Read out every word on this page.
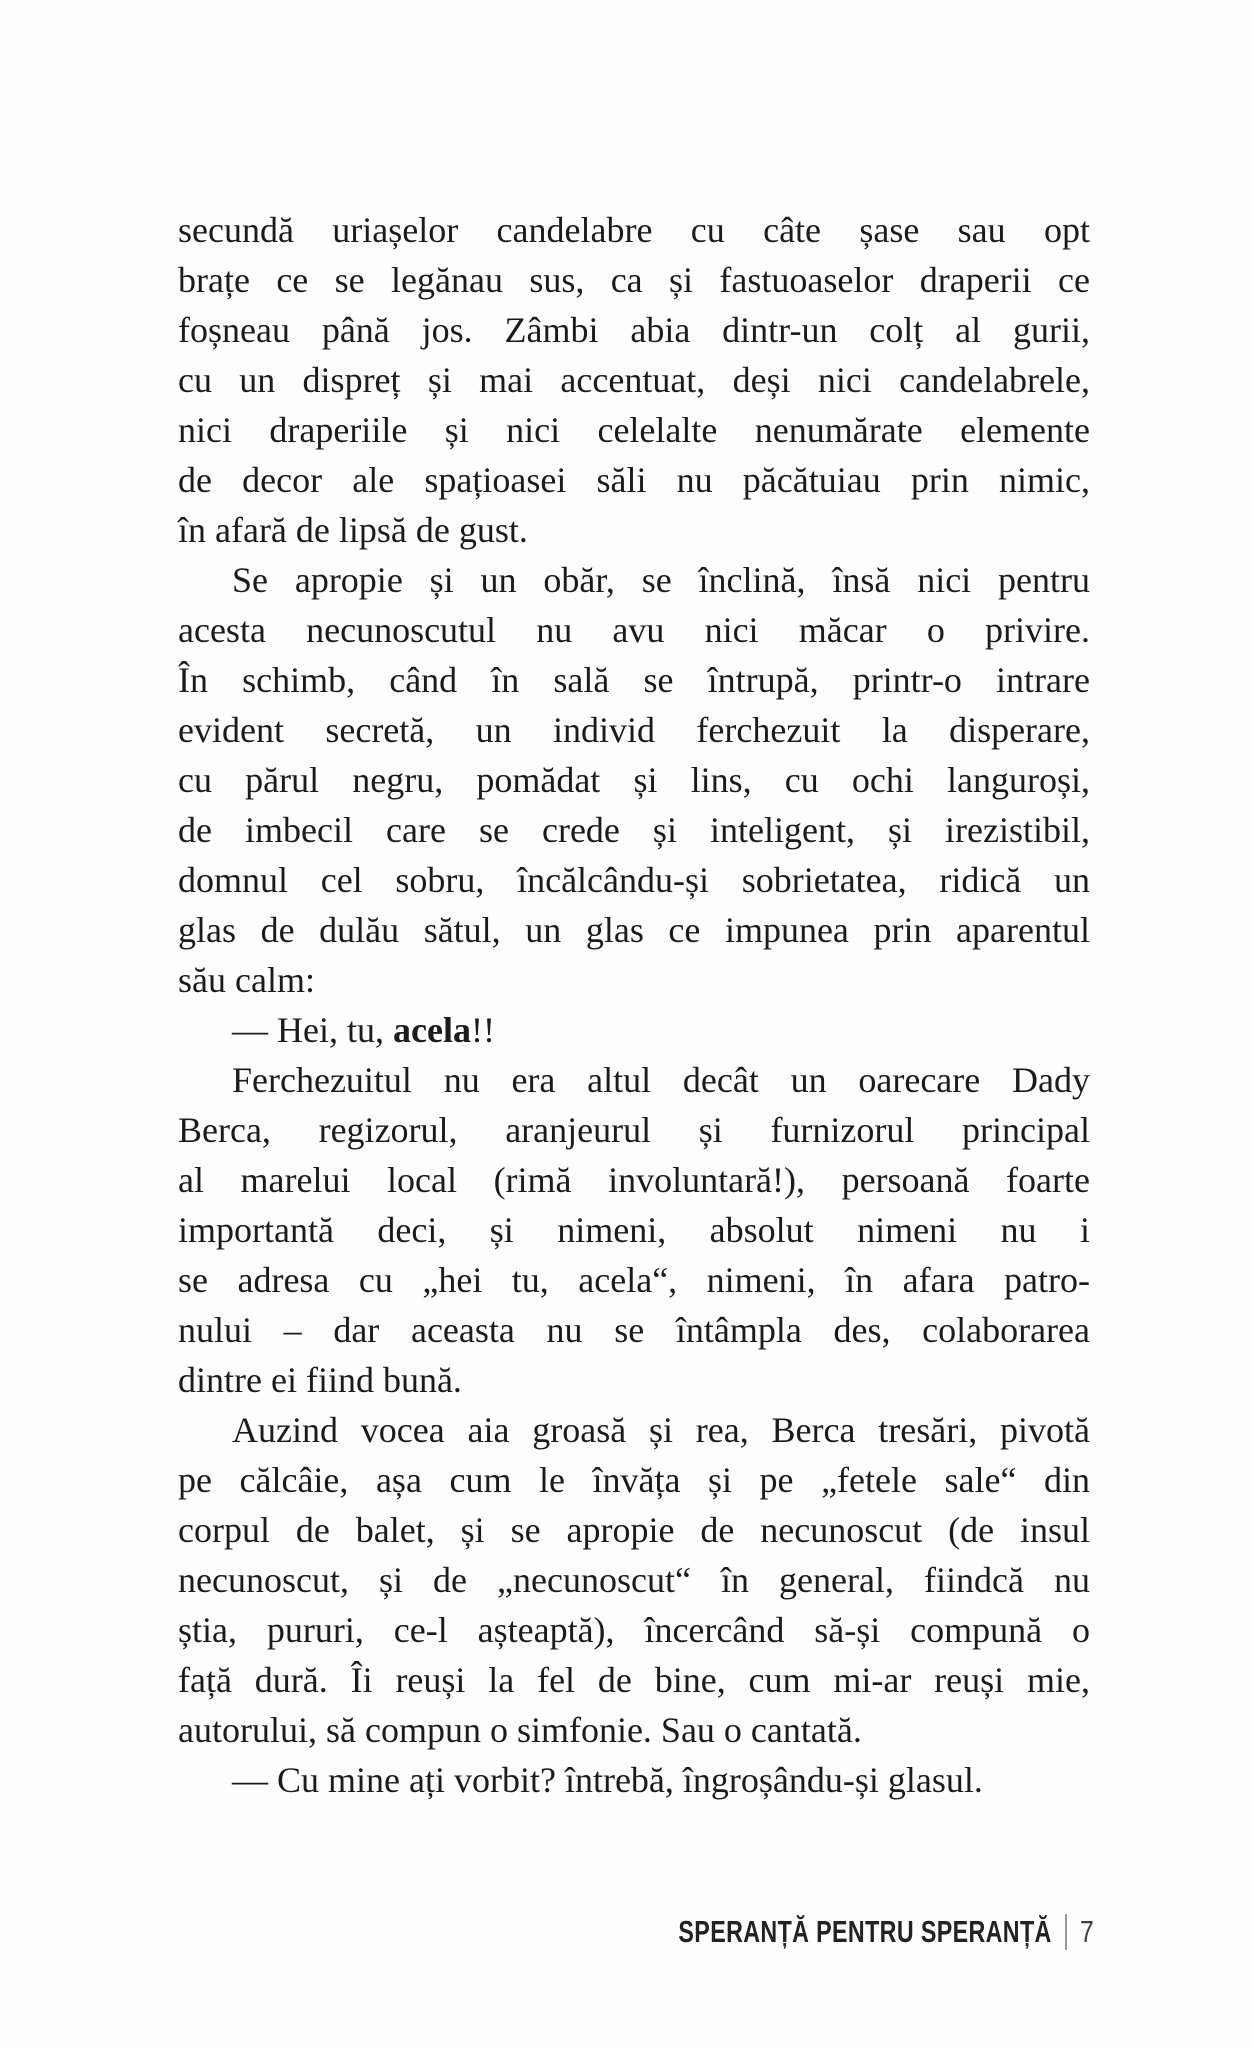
secundă uriașelor candelabre cu câte șase sau opt
brațe ce se legănau sus, ca și fastuoaselor draperii ce
foșneau până jos. Zâmbi abia dintr-un colț al gurii,
cu un dispreț și mai accentuat, deși nici candelabrele,
nici draperiile și nici celelalte nenumărate elemente
de decor ale spațioasei săli nu păcătuiau prin nimic,
în afară de lipsă de gust.
Se apropie și un obăr, se înclină, însă nici pentru
acesta necunoscutul nu avu nici măcar o privire.
În schimb, când în sală se întrupă, printr-o intrare
evident secretă, un individ ferchezuit la disperare,
cu părul negru, pomădat și lins, cu ochi languroși,
de imbecil care se crede și inteligent, și irezistibil,
domnul cel sobru, încălcându-și sobrietatea, ridică un
glas de dulău sătul, un glas ce impunea prin aparentul
său calm:
— Hei, tu, acela!!
Ferchezuitul nu era altul decât un oarecare Dady
Berca, regizorul, aranjeurul și furnizorul principal
al marelui local (rimă involuntară!), persoană foarte
importantă deci, și nimeni, absolut nimeni nu i
se adresa cu „hei tu, acela“, nimeni, în afara patro-
nului – dar aceasta nu se întâmpla des, colaborarea
dintre ei fiind bună.
Auzind vocea aia groasă și rea, Berca tresări, pivotă
pe călcâie, așa cum le învăța și pe „fetele sale“ din
corpul de balet, și se apropie de necunoscut (de insul
necunoscut, și de „necunoscut“ în general, fiindcă nu
știa, pururi, ce-l așteaptă), încercând să-și compună o
față dură. Îi reuși la fel de bine, cum mi-ar reuși mie,
autorului, să compun o simfonie. Sau o cantată.
— Cu mine ați vorbit? întrebă, îngroșându-și glasul.
SPERANȚĂ PENTRU SPERANȚĂ 7
